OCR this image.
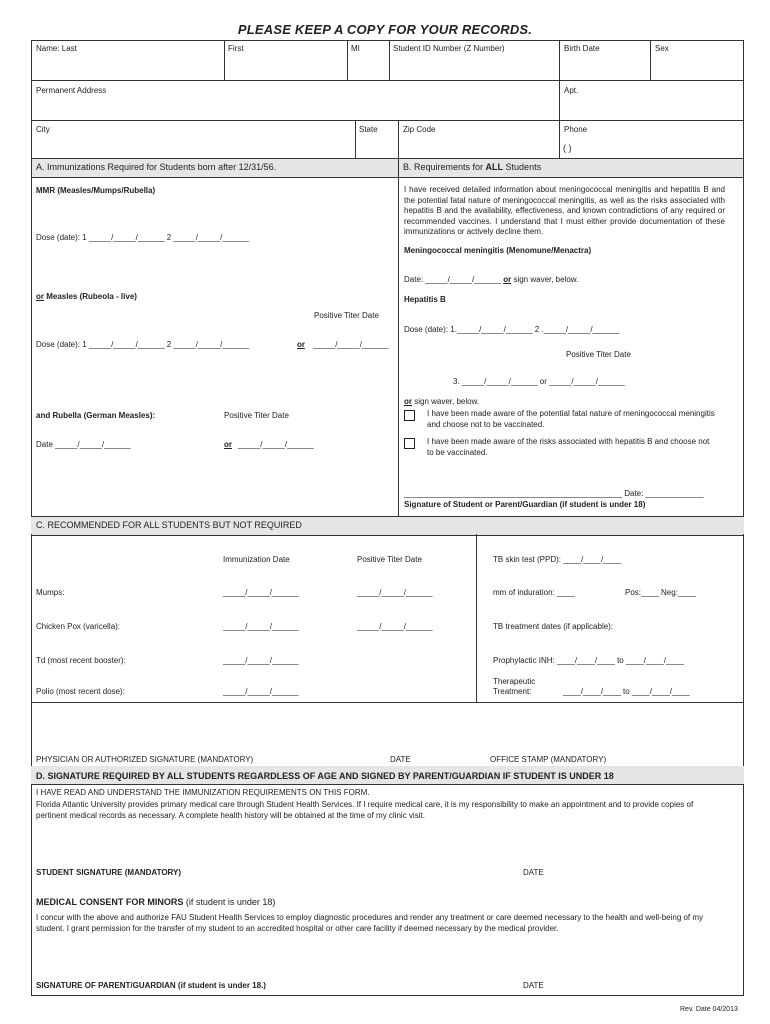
PLEASE KEEP A COPY FOR YOUR RECORDS.
Name: Last	First	MI	Student ID Number (Z Number)	Birth Date	Sex
Permanent Address	Apt.
City	State	Zip Code	Phone
( )
A. Immunizations Required for Students born after 12/31/56.	B. Requirements for ALL Students
MMR (Measles/Mumps/Rubella)
Dose (date): 1 _____/_____/______ 2 _____/_____/______
or Measles (Rubeola - live)
Positive Titer Date
Dose (date): 1 _____/_____/______ 2 _____/_____/______	or _____/_____/______
and Rubella (German Measles):	Positive Titer Date
Date _____/_____/______	or _____/_____/______
I have received detailed information about meningococcal meningitis and hepatitis B and the potential fatal nature of meningococcal meningitis, as well as the risks associated with hepatitis B and the availability, effectiveness, and known contradictions of any required or recommended vaccines. I understand that I must either provide documentation of these immunizations or actively decline them.
Meningococcal meningitis (Menomune/Menactra)
Date: _____/_____/______ or sign waver, below.
Hepatitis B
Dose (date): 1._____/_____/______ 2 ._____/_____/______
Positive Titer Date
3. _____/_____/______ or _____/_____/______
or sign waver, below.
I have been made aware of the potential fatal nature of meningococcal meningitis and choose not to be vaccinated.
I have been made aware of the risks associated with hepatitis B and choose not to be vaccinated.
_________________________________________________ Date: _____________
Signature of Student or Parent/Guardian (if student is under 18)
C. RECOMMENDED FOR ALL STUDENTS BUT NOT REQUIRED
Immunization Date	Positive Titer Date	TB skin test (PPD): ____/____/____
Mumps:	_____/_____/______	_____/_____/______
Chicken Pox (varicella):	_____/_____/______	_____/_____/______
Td (most recent booster):	_____/_____/______
Polio (most recent dose):	_____/_____/______
mm of induration: ____	Pos:____ Neg:____
TB treatment dates (if applicable):
Prophylactic INH: ____/____/____ to ____/____/____
Therapeutic
Treatment:	____/____/____ to ____/____/____
PHYSICIAN OR AUTHORIZED SIGNATURE (MANDATORY)	DATE	OFFICE STAMP (MANDATORY)
D. SIGNATURE REQUIRED BY ALL STUDENTS REGARDLESS OF AGE AND SIGNED BY PARENT/GUARDIAN IF STUDENT IS UNDER 18
I HAVE READ AND UNDERSTAND THE IMMUNIZATION REQUIREMENTS ON THIS FORM.
Florida Atlantic University provides primary medical care through Student Health Services. If I require medical care, it is my responsibility to make an appointment and to provide copies of pertinent medical records as necessary. A complete health history will be obtained at the time of my clinic visit.
STUDENT SIGNATURE (MANDATORY)	DATE
MEDICAL CONSENT FOR MINORS (if student is under 18)
I concur with the above and authorize FAU Student Health Services to employ diagnostic procedures and render any treatment or care deemed necessary to the health and well-being of my student. I grant permission for the transfer of my student to an accredited hospital or other care facility if deemed necessary by the medical provider.
SIGNATURE OF PARENT/GUARDIAN (if student is under 18.)	DATE
Rev. Date 04/2013
